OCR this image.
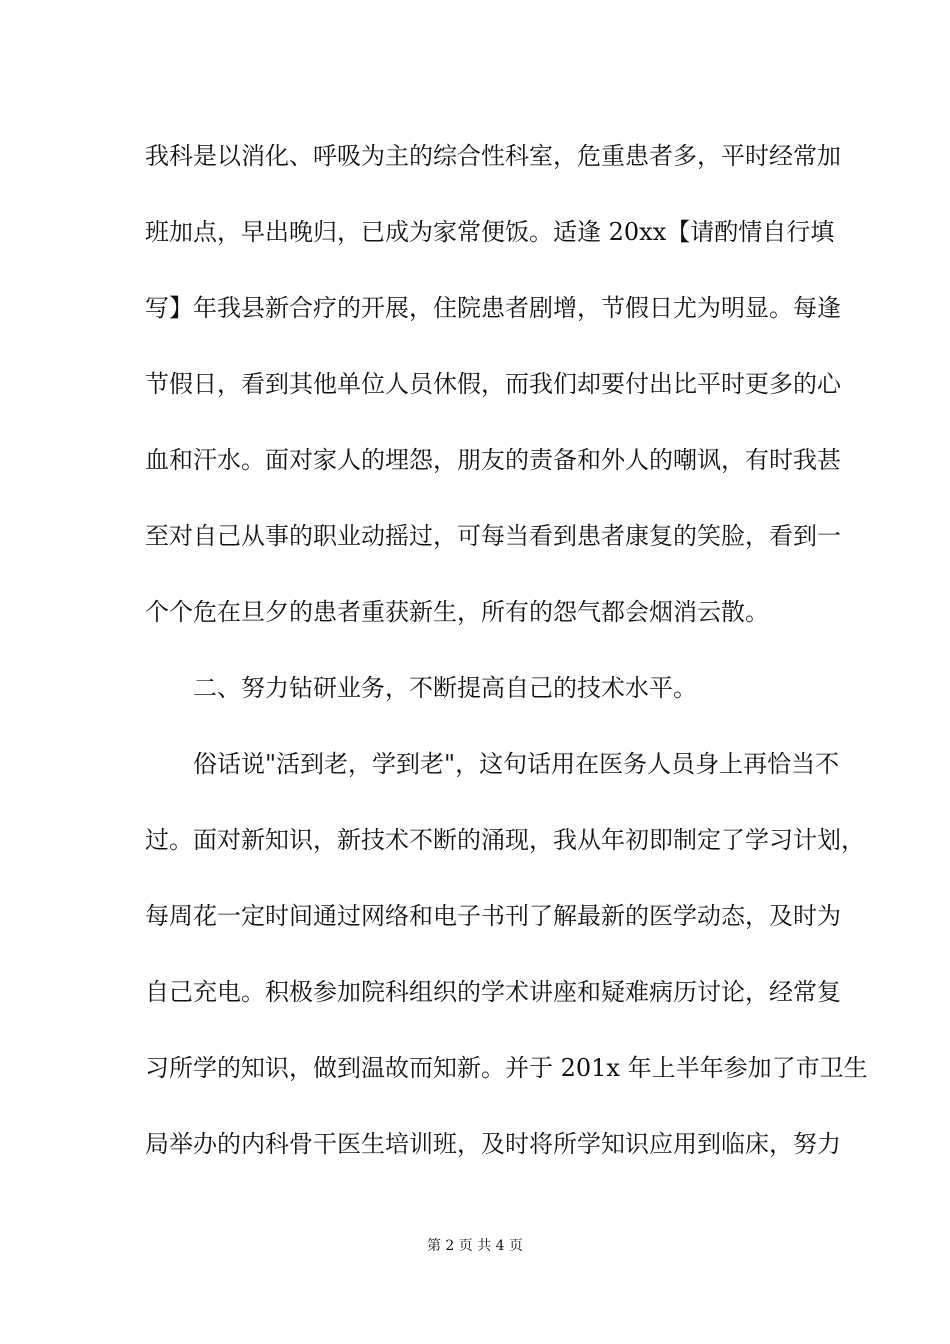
我科是以消化、呼吸为主的综合性科室，危重患者多，平时经常加
班加点，早出晚归，已成为家常便饭。适逢 20xx【请酌情自行填
写】年我县新合疗的开展，住院患者剧增，节假日尤为明显。每逢
节假日，看到其他单位人员休假，而我们却要付出比平时更多的心
血和汗水。面对家人的埋怨，朋友的责备和外人的嘲讽，有时我甚
至对自己从事的职业动摇过，可每当看到患者康复的笑脸，看到一
个个危在旦夕的患者重获新生，所有的怨气都会烟消云散。
二、努力钻研业务，不断提高自己的技术水平。
俗话说"活到老，学到老"，这句话用在医务人员身上再恰当不
过。面对新知识，新技术不断的涌现，我从年初即制定了学习计划，
每周花一定时间通过网络和电子书刊了解最新的医学动态，及时为
自己充电。积极参加院科组织的学术讲座和疑难病历讨论，经常复
习所学的知识，做到温故而知新。并于 201x 年上半年参加了市卫生
局举办的内科骨干医生培训班，及时将所学知识应用到临床，努力
第 2 页 共 4 页
